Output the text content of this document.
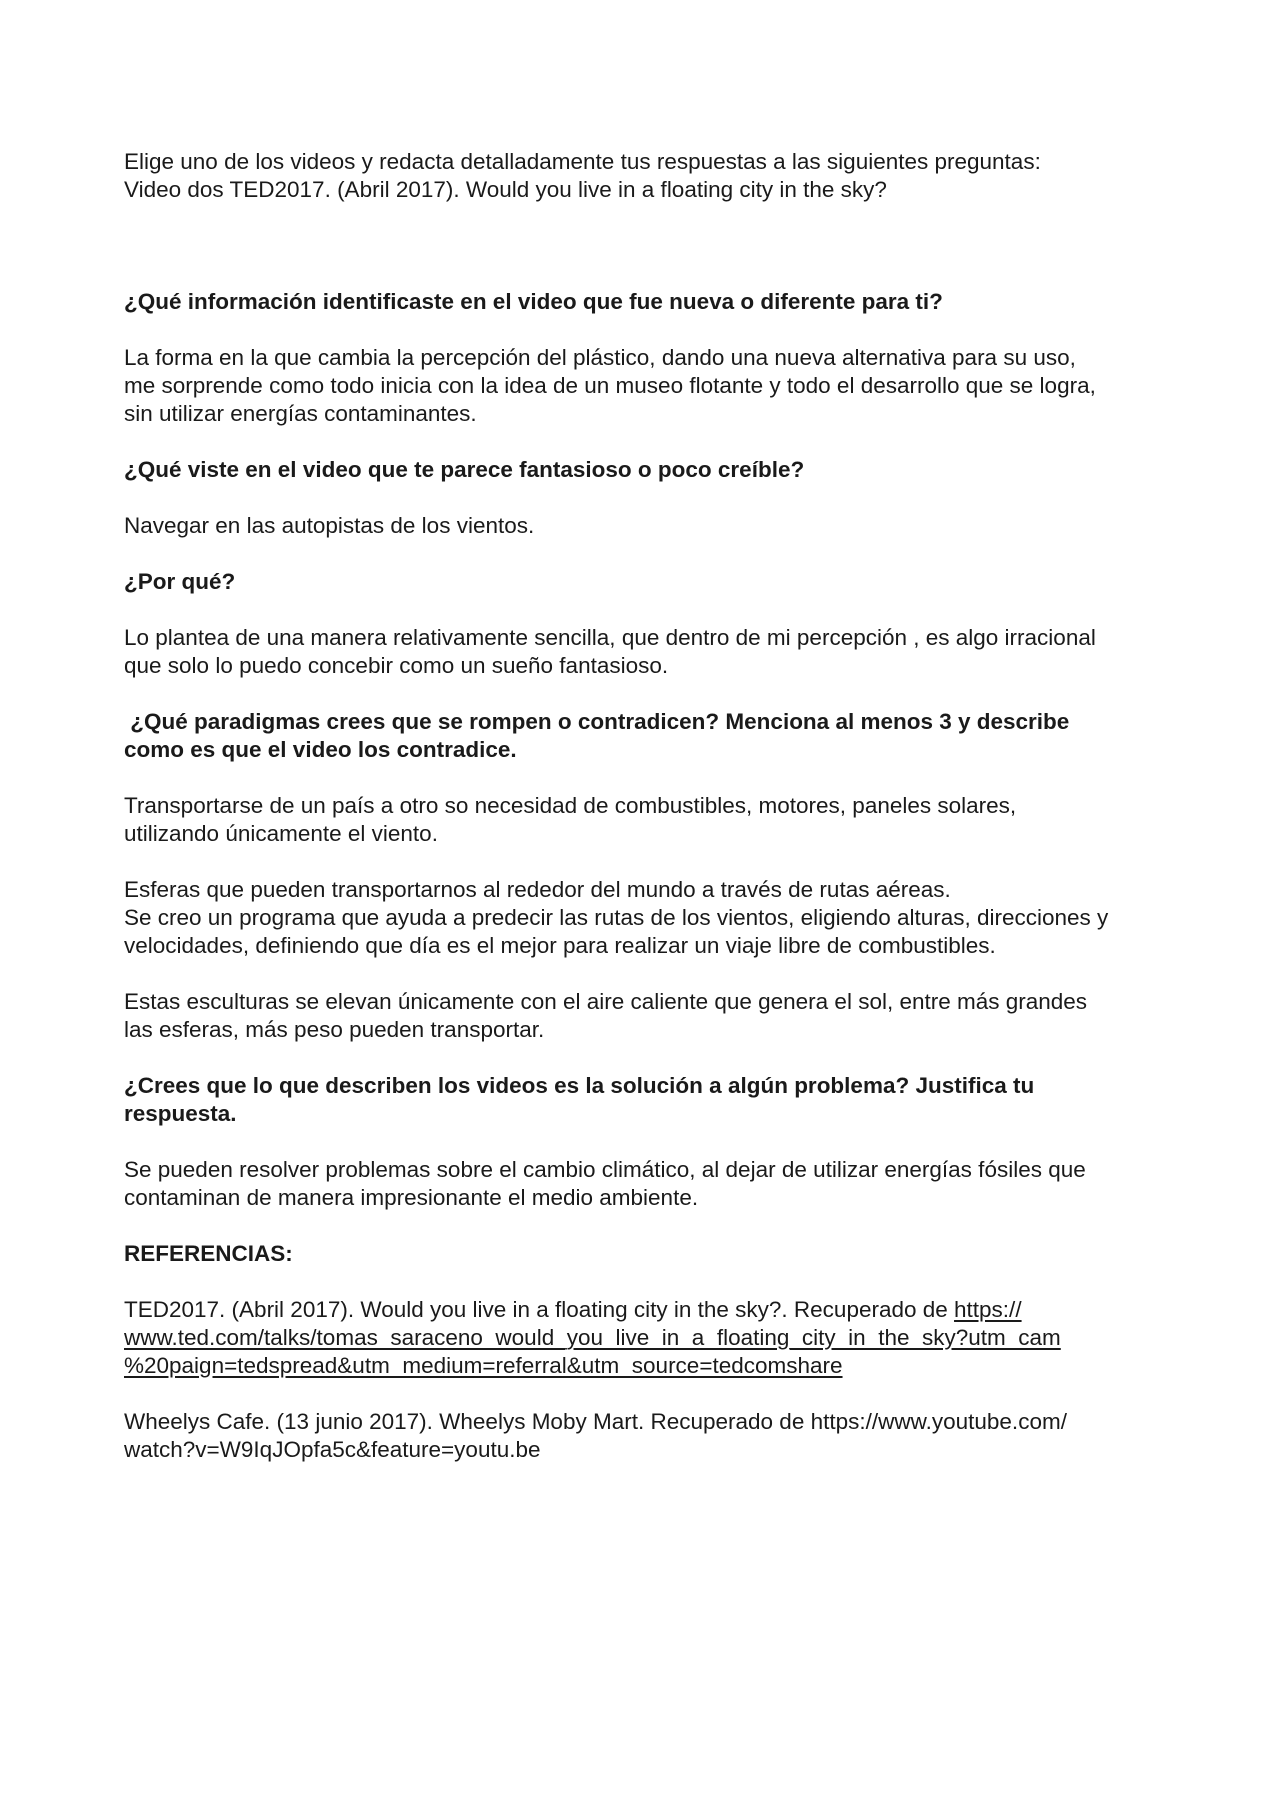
Elige uno de los videos y redacta detalladamente tus respuestas a las siguientes preguntas:
Video dos TED2017. (Abril 2017). Would you live in a floating city in the sky?
¿Qué información identificaste en el video que fue nueva o diferente para ti?
La forma en la que cambia la percepción del plástico, dando una nueva alternativa para su uso,
me sorprende como todo inicia con la idea de un museo flotante y todo el desarrollo que se logra,
sin utilizar energías contaminantes.
¿Qué viste en el video que te parece fantasioso o poco creíble?
Navegar en las autopistas de los vientos.
¿Por qué?
Lo plantea de una manera relativamente sencilla, que dentro de mi percepción , es algo irracional
que solo lo puedo concebir como un sueño fantasioso.
¿Qué paradigmas crees que se rompen o contradicen? Menciona al menos 3 y describe
como es que el video los contradice.
Transportarse de un país a otro so necesidad de combustibles, motores, paneles solares,
utilizando únicamente el viento.
Esferas que pueden transportarnos al rededor del mundo a través de rutas aéreas.
Se creo un programa que ayuda a predecir las rutas de los vientos, eligiendo alturas, direcciones y
velocidades, definiendo que día es el mejor para realizar un viaje libre de combustibles.
Estas esculturas se elevan únicamente con el aire caliente que genera el sol, entre más grandes
las esferas, más peso pueden transportar.
¿Crees que lo que describen los videos es la solución a algún problema? Justifica tu
respuesta.
Se pueden resolver problemas sobre el cambio climático, al dejar de utilizar energías fósiles que
contaminan de manera impresionante el medio ambiente.
REFERENCIAS:
TED2017. (Abril 2017). Would you live in a floating city in the sky?. Recuperado de https://
www.ted.com/talks/tomas_saraceno_would_you_live_in_a_floating_city_in_the_sky?utm_cam
%20paign=tedspread&utm_medium=referral&utm_source=tedcomshare
Wheelys Cafe. (13 junio 2017). Wheelys Moby Mart. Recuperado de https://www.youtube.com/
watch?v=W9IqJOpfa5c&feature=youtu.be
